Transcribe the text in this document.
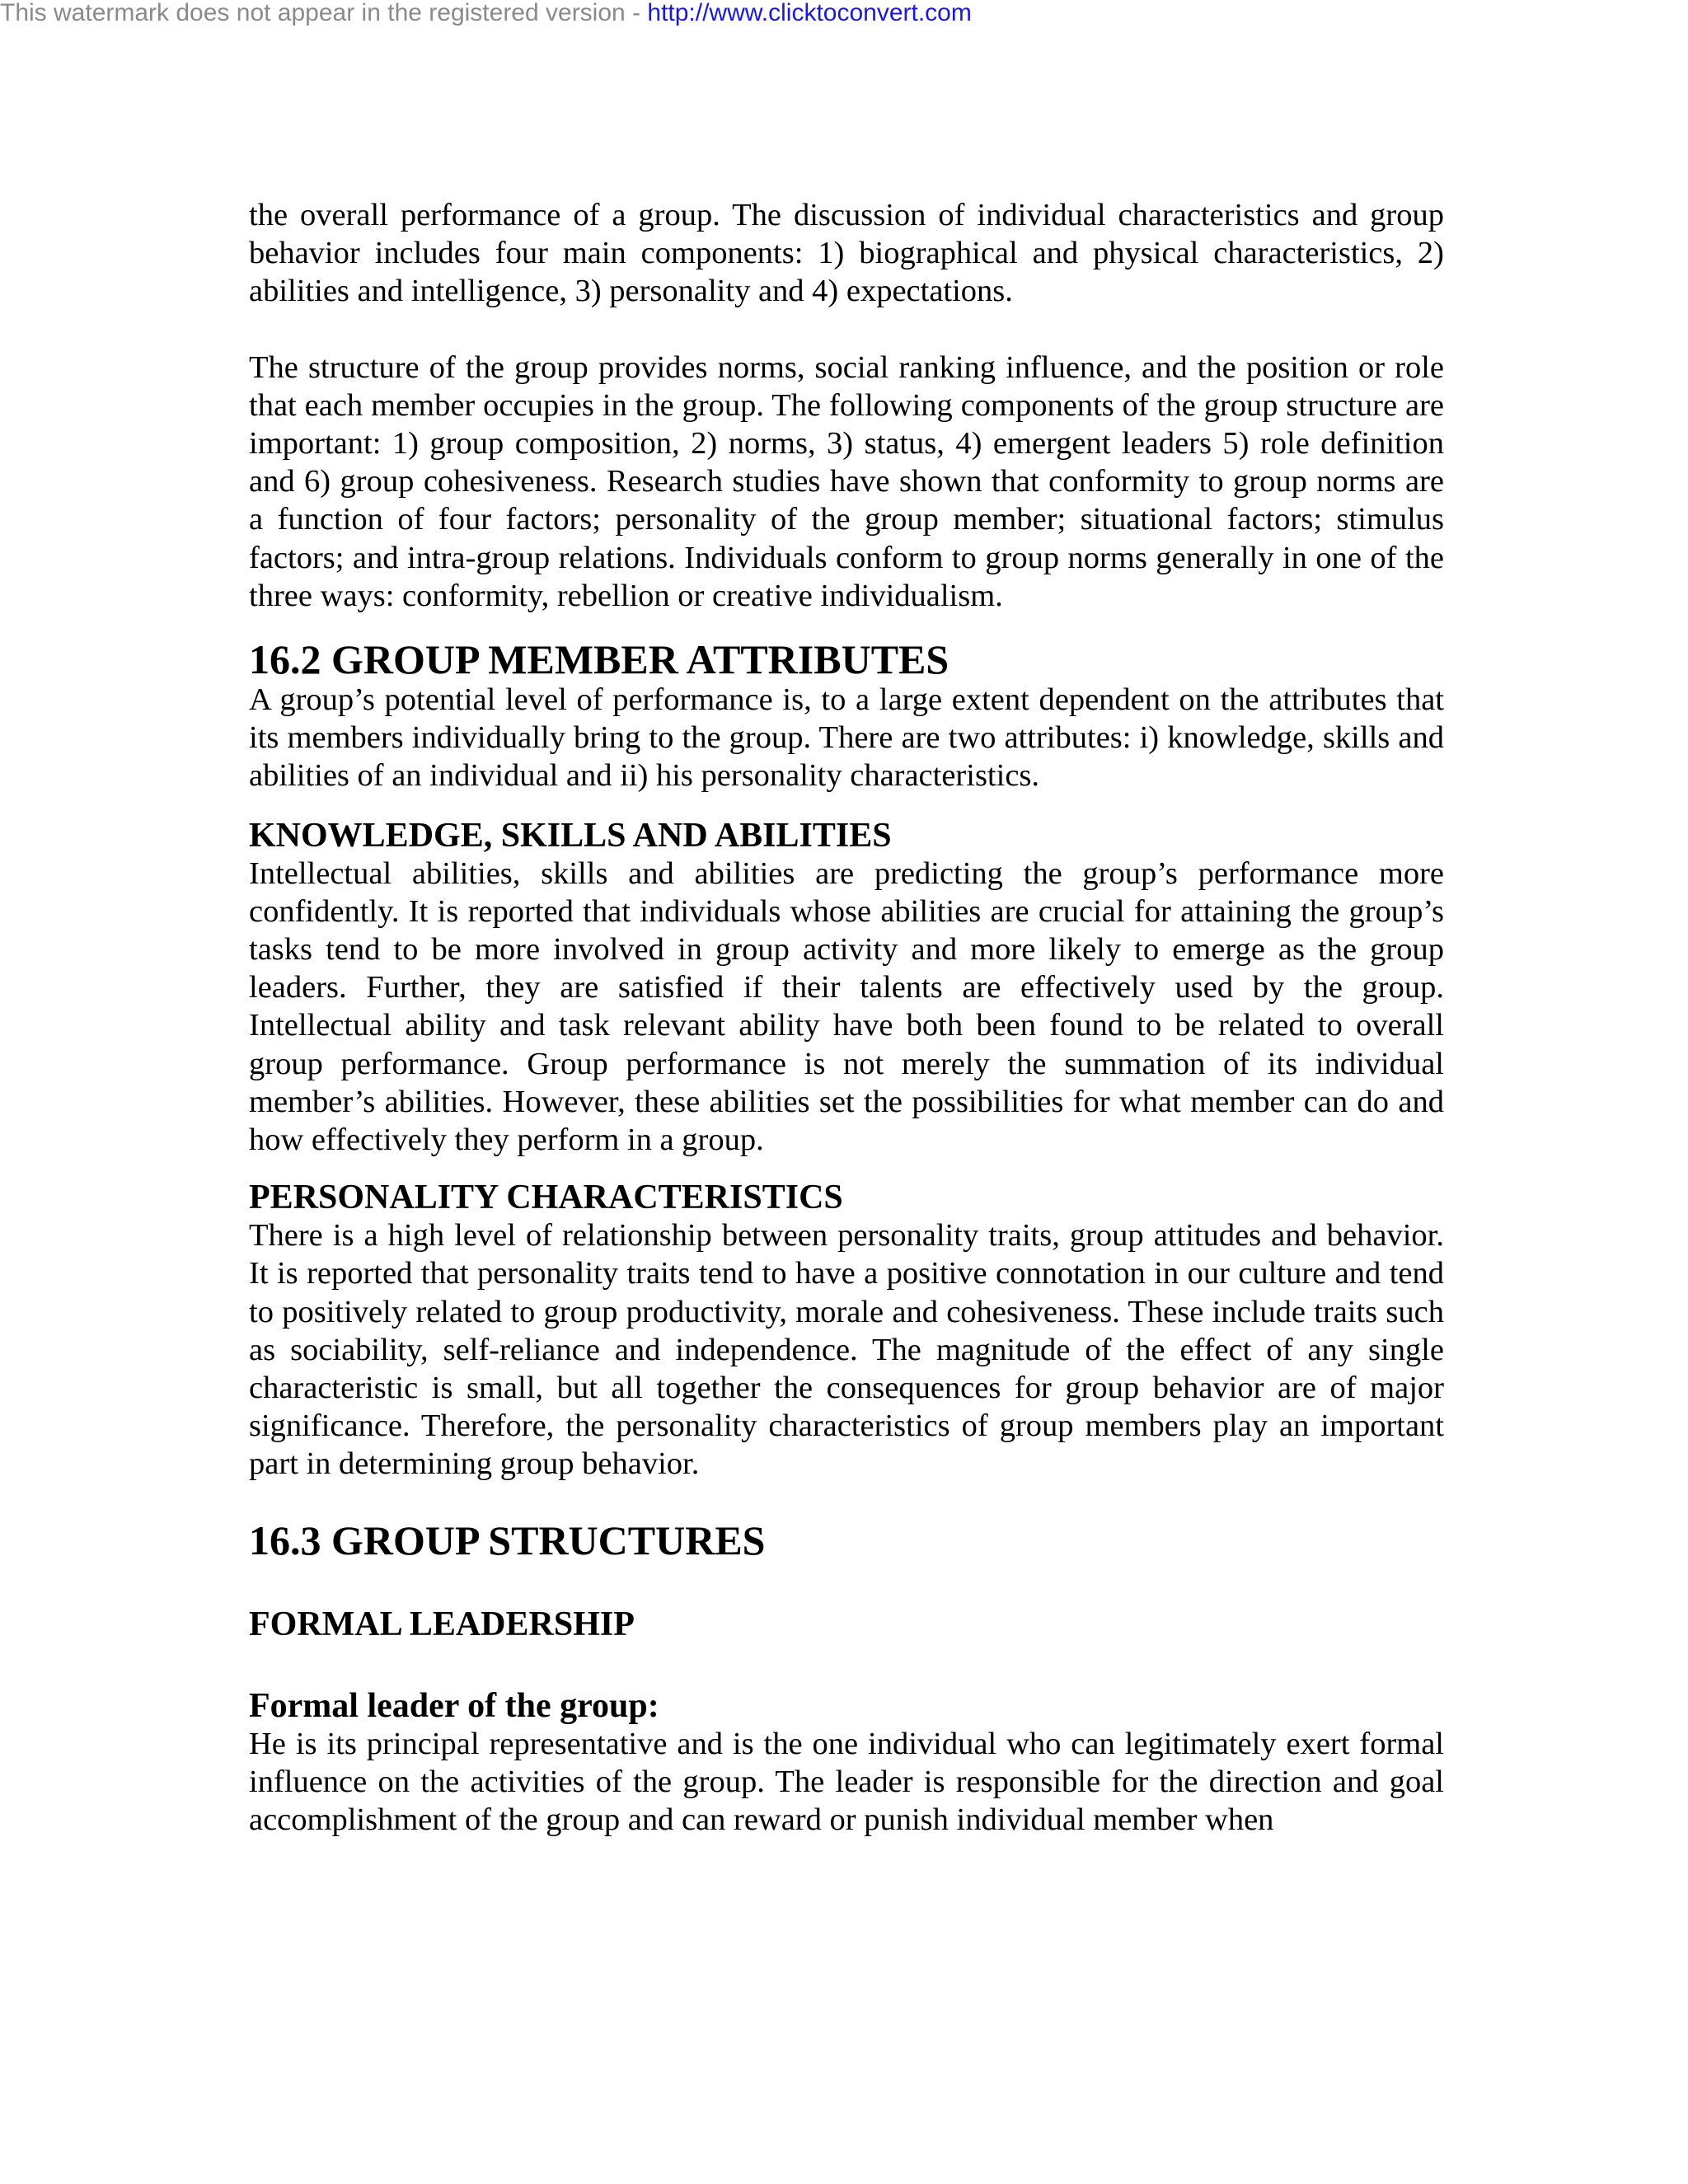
This watermark does not appear in the registered version - http://www.clicktoconvert.com

the overall performance of a group. The discussion of individual characteristics and group behavior includes four main components: 1) biographical and physical characteristics, 2) abilities and intelligence, 3) personality and 4) expectations.

The structure of the group provides norms, social ranking influence, and the position or role that each member occupies in the group. The following components of the group structure are important: 1) group composition, 2) norms, 3) status, 4) emergent leaders 5) role definition and 6) group cohesiveness. Research studies have shown that conformity to group norms are a function of four factors; personality of the group member; situational factors; stimulus factors; and intra-group relations. Individuals conform to group norms generally in one of the three ways: conformity, rebellion or creative individualism.

16.2 GROUP MEMBER ATTRIBUTES

A group’s potential level of performance is, to a large extent dependent on the attributes that its members individually bring to the group. There are two attributes: i) knowledge, skills and abilities of an individual and ii) his personality characteristics.

KNOWLEDGE, SKILLS AND ABILITIES

Intellectual abilities, skills and abilities are predicting the group’s performance more confidently. It is reported that individuals whose abilities are crucial for attaining the group’s tasks tend to be more involved in group activity and more likely to emerge as the group leaders. Further, they are satisfied if their talents are effectively used by the group. Intellectual ability and task relevant ability have both been found to be related to overall group performance. Group performance is not merely the summation of its individual member’s abilities. However, these abilities set the possibilities for what member can do and how effectively they perform in a group.

PERSONALITY CHARACTERISTICS

There is a high level of relationship between personality traits, group attitudes and behavior. It is reported that personality traits tend to have a positive connotation in our culture and tend to positively related to group productivity, morale and cohesiveness. These include traits such as sociability, self-reliance and independence. The magnitude of the effect of any single characteristic is small, but all together the consequences for group behavior are of major significance. Therefore, the personality characteristics of group members play an important part in determining group behavior.

16.3 GROUP STRUCTURES
FORMAL LEADERSHIP
Formal leader of the group:

He is its principal representative and is the one individual who can legitimately exert formal influence on the activities of the group. The leader is responsible for the direction and goal accomplishment of the group and can reward or punish individual member when
